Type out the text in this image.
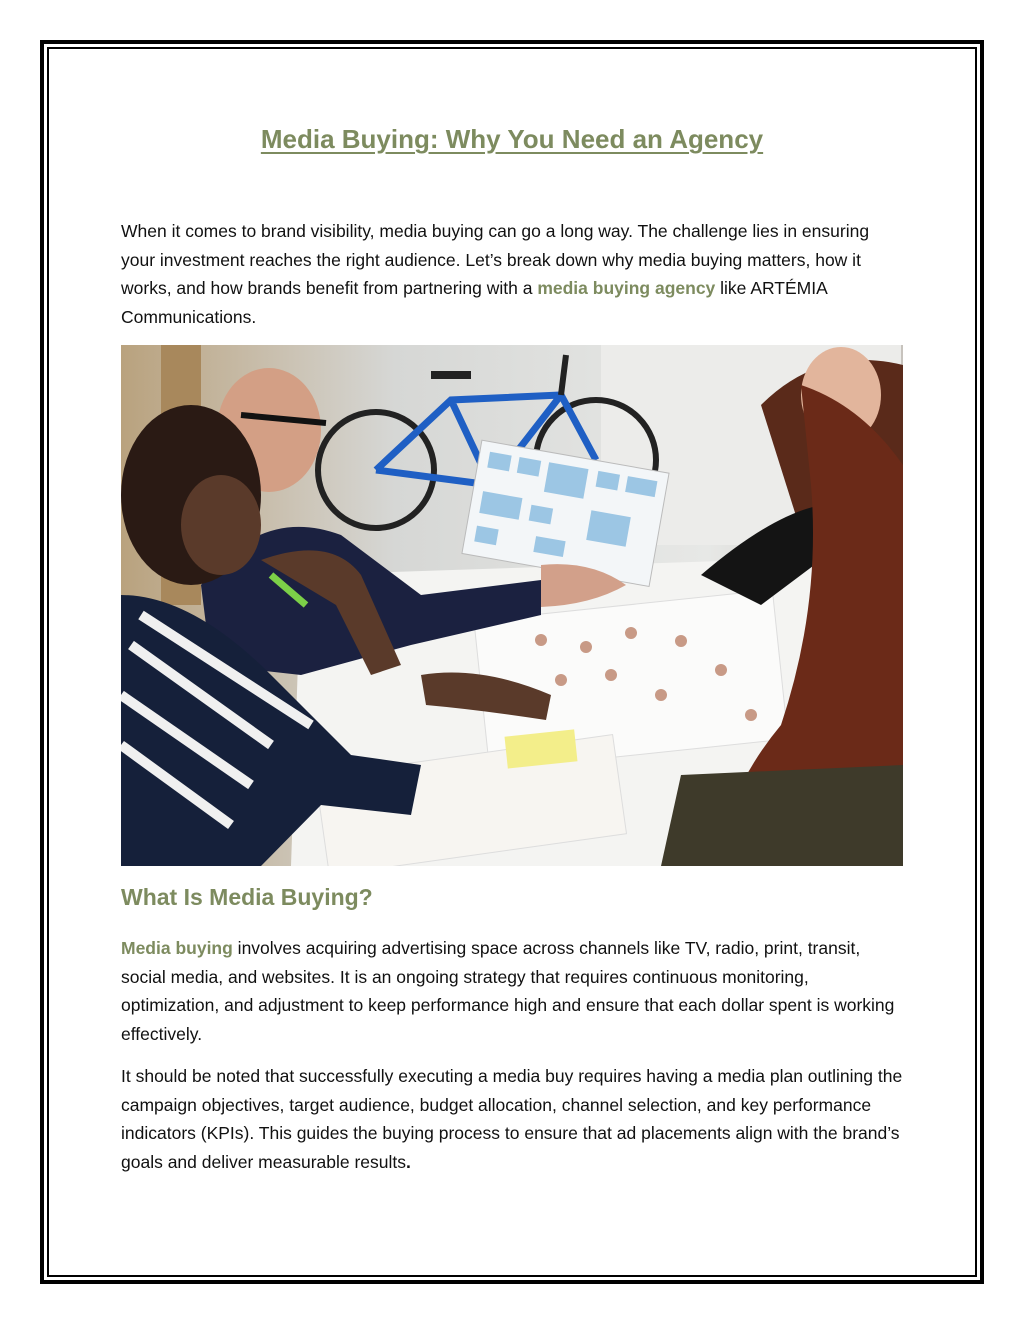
Media Buying: Why You Need an Agency

When it comes to brand visibility, media buying can go a long way. The challenge lies in ensuring your investment reaches the right audience. Let’s break down why media buying matters, how it works, and how brands benefit from partnering with a media buying agency like ARTÉMIA Communications.

What Is Media Buying?

Media buying involves acquiring advertising space across channels like TV, radio, print, transit, social media, and websites. It is an ongoing strategy that requires continuous monitoring, optimization, and adjustment to keep performance high and ensure that each dollar spent is working effectively.

It should be noted that successfully executing a media buy requires having a media plan outlining the campaign objectives, target audience, budget allocation, channel selection, and key performance indicators (KPIs). This guides the buying process to ensure that ad placements align with the brand’s goals and deliver measurable results.
